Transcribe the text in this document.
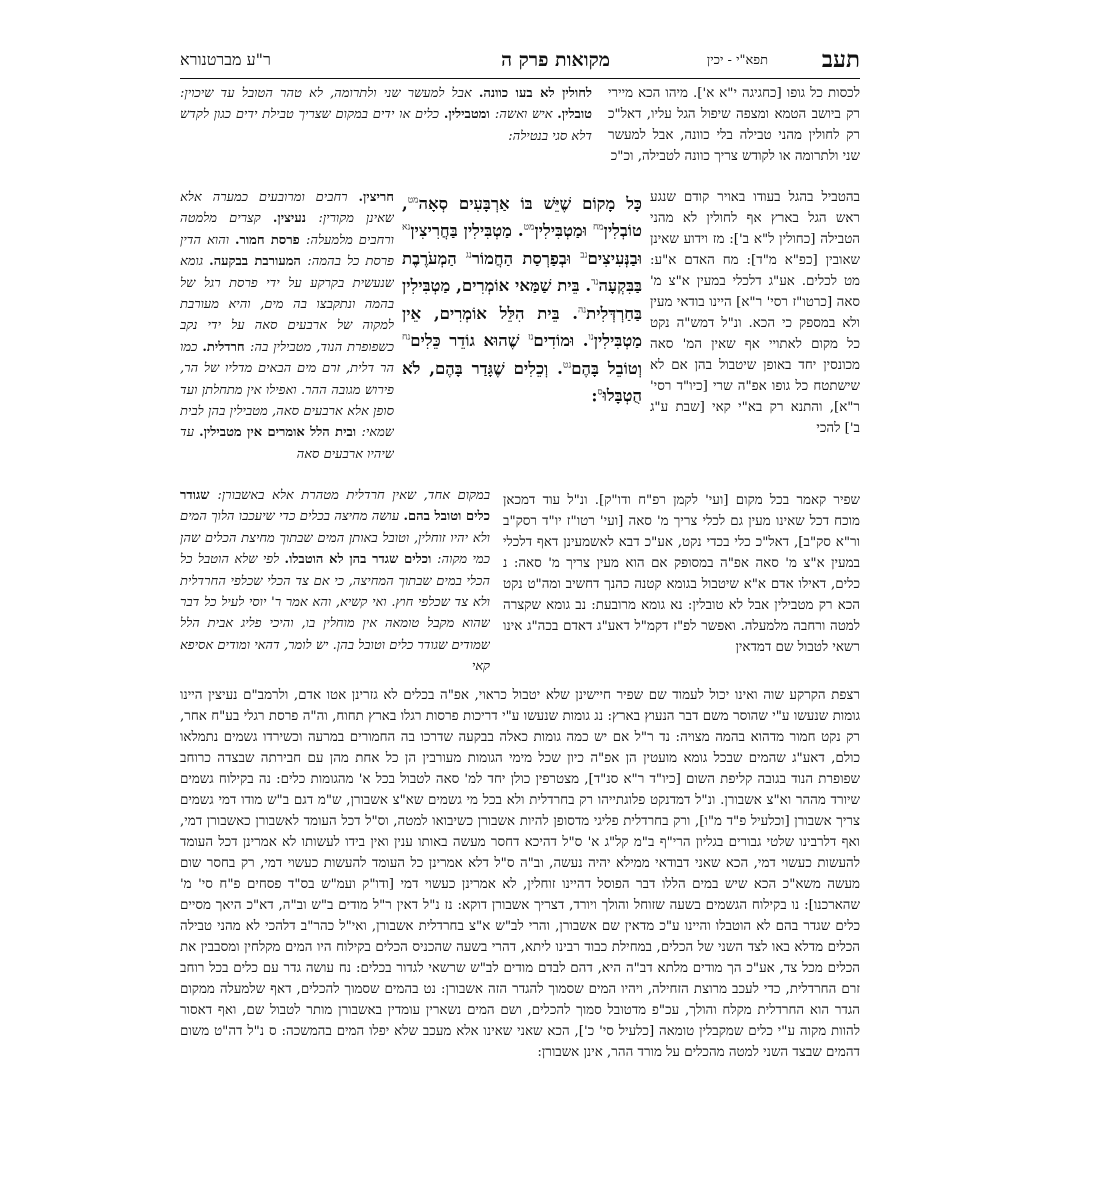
תעב
תפא"י - יכין
מקואות פרק ה
ר"ע מברטנורא

לכסות כל גופו [כחגיגה י"א א']. מיהו הכא מיירי רק ביושב הטמא ומצפה שיפול הגל עליו, דאל"כ רק לחולין מהני טבילה בלי כוונה, אבל למעשר שני ולתרומה או לקודש צריך כוונה לטבילה, וכ"כ

בהטביל בהגל בעודו באויר קודם שנגע ראש הגל בארץ אף לחולין לא מהני הטבילה [כחולין ל"א ב']: מז וידוע שאינן שאובין [כפ"א מ"ד]: מח האדם א"ע: מט לכלים. אע"ג דלכלי במעין א"צ מ' סאה [כרטו"ז רסי' ר"א] היינו בודאי מעין ולא במספק כי הכא. ונ"ל דמש"ה נקט כל מקום לאתויי אף שאין המ' סאה מכונסין יחד באופן שיטבול בהן אם לא שישתטח כל גופו אפ"ה שרי [כיו"ד רסי' ר"א], והתנא רק בא"י קאי [שבת ע"ג ב'] להכי

שפיר קאמר בכל מקום [ועי' לקמן רפ"ח ודו"ק]. ונ"ל עוד דמכאן מוכח דכל שאינו מעין גם לכלי צריך מ' סאה [ועי' רטו"ז יו"ד רסק"ב ור"א סק"ב], דאל"כ כלי בכדי נקט, אע"כ דבא לאשמעינן דאף דלכלי במעין א"צ מ' סאה אפ"ה במסופק אם הוא מעין צריך מ' סאה: נ כלים, דאילו אדם א"א שיטבול בגומא קטנה כהנך דחשיב ומה"ט נקט הכא רק מטבילין אבל לא טובלין: נא גומא מרובעת: נב גומא שקצרה למטה ורחבה מלמעלה. ואפשר לפ"ז דקמ"ל דאע"ג דאדם בכה"ג אינו רשאי לטבול שם דמדאין

רצפת הקרקע שוה ואינו יכול לעמוד שם שפיר חיישינן שלא יטבול כראוי, אפ"ה בכלים לא גזרינן אטו אדם, ולרמב"ם נעיצין היינו גומות שנעשו ע"י שהוסר משם דבר הנעוץ בארץ: נג גומות שנעשו ע"י דריכות פרסות רגלו בארץ תחוח, וה"ה פרסת רגלי בע"ח אחר, רק נקט חמור מדהוא בהמה מצויה: נד ר"ל אם יש כמה גומות כאלה בבקעה שדרכו בה החמורים במרעה וכשירדו גשמים נתמלאו כולם, דאע"ג שהמים שבכל גומא מועטין הן אפ"ה כיון שכל מימי הגומות מעורבין הן כל אחת מהן עם חבירתה שבצדה כרוחב שפופרת הנוד בגובה קליפת השום [כיו"ד ר"א סנ"ד], מצטרפין כולן יחד למ' סאה לטבול בכל א' מהגומות כלים: נה בקילוח גשמים שיורד מההר וא"צ אשבורן. ונ"ל דמדנקט פלוגתייהו רק בחרדלית ולא בכל מי גשמים שא"צ אשבורן, ש"מ דגם ב"ש מודו דמי גשמים צריך אשבורן [וכלעיל פ"ד מ"ו], ורק בחרדלית פליגי מדסופן להיות אשבורן כשיבואו למטה, וס"ל דכל העומד לאשבורן כאשבורן דמי, ואף דלרבינו שלטי גבורים בגליון הרי"ף ב"מ קל"ג א' ס"ל דהיכא דחסר מעשה באותו ענין ואין בידו לעשותו לא אמרינן דכל העומד להעשות כעשוי דמי, הכא שאני דבודאי ממילא יהיה נעשה, וב"ה ס"ל דלא אמרינן כל העומד להעשות כעשוי דמי, רק בחסר שום מעשה משא"כ הכא שיש במים הללו דבר הפוסל דהיינו זוחלין, לא אמרינן כעשוי דמי [ודו"ק ועמ"ש בס"ד פסחים פ"ח סי' מ' שהארכנו]: נו בקילוח הגשמים בשעה שזוחל והולך ויורד, דצריך אשבורן דוקא: נז נ"ל דאין ר"ל מודים ב"ש וב"ה, דא"כ היאך מסיים כלים שגדר בהם לא הוטבלו והיינו ע"כ מדאין שם אשבורן, והרי לב"ש א"צ בחרדלית אשבורן, ואי"ל כהר"ב דלהכי לא מהני טבילה הכלים מדלא באו לצד השני של הכלים, במחילת כבוד רבינו ליתא, דהרי בשעה שהכניס הכלים בקילוח היו המים מקלחין ומסבבין את הכלים מכל צד, אע"כ הך מודים מלתא דב"ה היא, דהם לבדם מודים לב"ש שרשאי לגדור בכלים: נח עושה גדר עם כלים בכל רוחב זרם החרדלית, כדי לעכב מרוצת הזחילה, ויהיו המים שסמוך להגדר הזה אשבורן: נט בהמים שסמוך להכלים, דאף שלמעלה ממקום הגדר הוא החרדלית מקלח והולך, עכ"פ מדטובל סמוך להכלים, ושם המים נשארין עומדין באשבורן מותר לטבול שם, ואף דאסור להוות מקוה ע"י כלים שמקבלין טומאה [כלעיל סי' כ'], הכא שאני שאינו אלא מעכב שלא יפלו המים בהמשכה: ס נ"ל דה"ט משום דהמים שבצד השני למטה מהכלים על מורד ההר, אינן אשבורן:

כָּל מָקוֹם שֶׁיֵּשׁ בּוֹ אַרְבָּעִים סְאָה$^{מט}$, טוֹבְלִין$^{מח}$ וּמַטְבִּילִין$^{מט}$. מַטְבִּילִין בַּחֲרִיצִין$^{נא}$ וּבַנְּעִיצִים$^{נב}$ וּבְפַרְסַת הַחֲמוֹר$^{נג}$ הַמְעֹרֶבֶת בַּבִּקְעָה$^{נד}$. בֵּית שַׁמַּאי אוֹמְרִים, מַטְבִּילִין בַּחַרְדְּלִית$^{נה}$. בֵּית הִלֵּל אוֹמְרִים, אֵין מַטְבִּילִין$^{נו}$. וּמוֹדִים$^{נז}$ שֶׁהוּא גוֹדֵר כֵּלִים$^{נח}$ וְטוֹבֵל בָּהֶם$^{נט}$. וְכֵלִים שֶׁגָּדַר בָּהֶם, לֹא הֻטְבָּלוּ$^ס$:

לחולין לא בעו כוונה. אבל למעשר שני ולתרומה, לא טהר הטובל עד שיכוין: טובלין. איש ואשה: ומטבילין. כלים או ידים במקום שצריך טבילת ידים כגון לקדש דלא סגי בנטילה:

חריצין. רחבים ומרובעים כמערה אלא שאינן מקורין: נעיצין. קצרים מלמטה ורחבים מלמעלה: פרסת חמור. והוא הדין פרסת כל בהמה: המעורבת בבקעה. גומא שנעשית בקרקע על ידי פרסת רגל של בהמה ונתקבצו בה מים, והיא מעורבת למקוה של ארבעים סאה על ידי נקב כשפופרת הנוד, מטבילין בה: חרדלית. כמו הר דלית, זרם מים הבאים מדליו של הר, פירוש מגובה ההר. ואפילו אין מתחלתן ועד סופן אלא ארבעים סאה, מטבילין בהן לבית שמאי: ובית הלל אומרים אין מטבילין. עד שיהיו ארבעים סאה

במקום אחד, שאין חרדלית מטהרת אלא באשבורן: שגודר כלים וטובל בהם. עושה מחיצה בכלים כדי שיעכבו הלוך המים ולא יהיו זוחלין, וטובל באותן המים שבתוך מחיצת הכלים שהן כמי מקוה: וכלים שגדר בהן לא הוטבלו. לפי שלא הוטבל כל הכלי במים שבתוך המחיצה, כי אם צד הכלי שכלפי החרדלית ולא צד שכלפי חוץ. ואי קשיא, והא אמר ר' יוסי לעיל כל דבר שהוא מקבל טומאה אין מוחלין בו, והיכי פליג אבית הלל שמודים שגודר כלים וטובל בהן. יש לומר, דהאי ומודים אסיפא קאי
